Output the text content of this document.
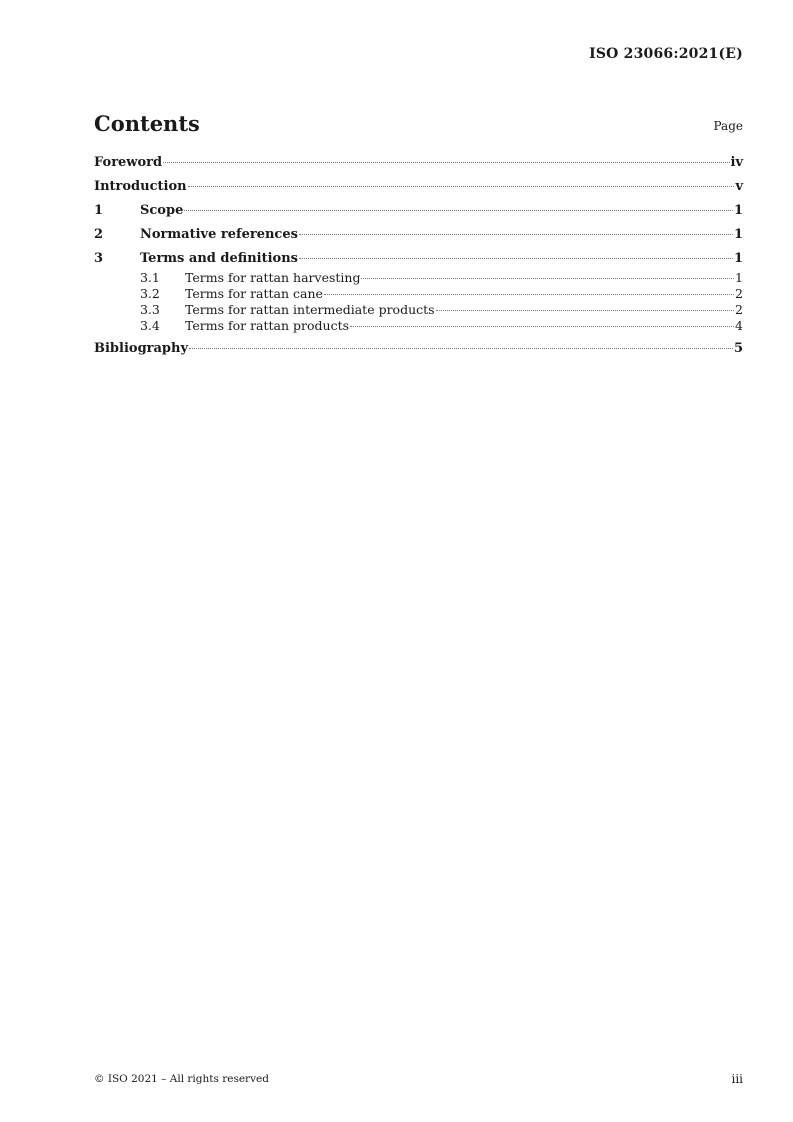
ISO 23066:2021(E)
Contents	Page
Foreword	iv
Introduction	v
1	Scope	1
2	Normative references	1
3	Terms and definitions	1
3.1	Terms for rattan harvesting	1
3.2	Terms for rattan cane	2
3.3	Terms for rattan intermediate products	2
3.4	Terms for rattan products	4
Bibliography	5
© ISO 2021 – All rights reserved	iii
